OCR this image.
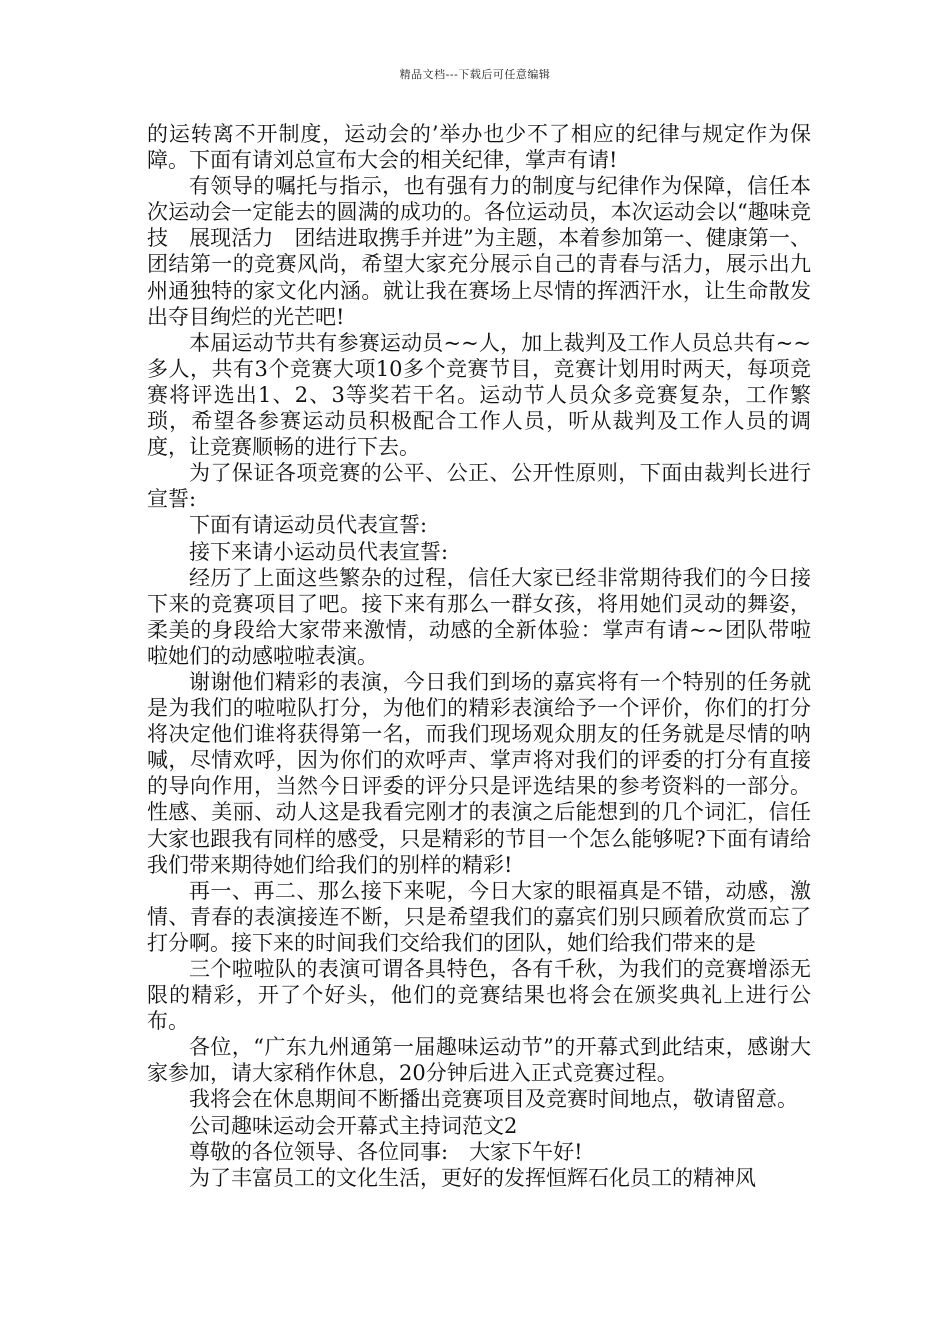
精品文档---下载后可任意编辑

的运转离不开制度，运动会的’举办也少不了相应的纪律与规定作为保障。下面有请刘总宣布大会的相关纪律，掌声有请!

有领导的嘱托与指示，也有强有力的制度与纪律作为保障，信任本次运动会一定能去的圆满的成功的。各位运动员，本次运动会以“趣味竞技　展现活力　团结进取携手并进”为主题，本着参加第一、健康第一、团结第一的竞赛风尚，希望大家充分展示自己的青春与活力，展示出九州通独特的家文化内涵。就让我在赛场上尽情的挥洒汗水，让生命散发出夺目绚烂的光芒吧!

本届运动节共有参赛运动员~~人，加上裁判及工作人员总共有~~多人，共有3个竞赛大项10多个竞赛节目，竞赛计划用时两天，每项竞赛将评选出1、2、3等奖若干名。运动节人员众多竞赛复杂，工作繁琐，希望各参赛运动员积极配合工作人员，听从裁判及工作人员的调度，让竞赛顺畅的进行下去。

为了保证各项竞赛的公平、公正、公开性原则，下面由裁判长进行宣誓:

下面有请运动员代表宣誓:

接下来请小运动员代表宣誓:

经历了上面这些繁杂的过程，信任大家已经非常期待我们的今日接下来的竞赛项目了吧。接下来有那么一群女孩，将用她们灵动的舞姿，柔美的身段给大家带来激情，动感的全新体验：掌声有请~~团队带啦啦她们的动感啦啦表演。

谢谢他们精彩的表演，今日我们到场的嘉宾将有一个特别的任务就是为我们的啦啦队打分，为他们的精彩表演给予一个评价，你们的打分将决定他们谁将获得第一名，而我们现场观众朋友的任务就是尽情的呐喊，尽情欢呼，因为你们的欢呼声、掌声将对我们的评委的打分有直接的导向作用，当然今日评委的评分只是评选结果的参考资料的一部分。性感、美丽、动人这是我看完刚才的表演之后能想到的几个词汇，信任大家也跟我有同样的感受，只是精彩的节目一个怎么能够呢?下面有请给我们带来期待她们给我们的别样的精彩!

再一、再二、那么接下来呢，今日大家的眼福真是不错，动感，激情、青春的表演接连不断，只是希望我们的嘉宾们别只顾着欣赏而忘了打分啊。接下来的时间我们交给我们的团队，她们给我们带来的是

三个啦啦队的表演可谓各具特色，各有千秋，为我们的竞赛增添无限的精彩，开了个好头，他们的竞赛结果也将会在颁奖典礼上进行公布。

各位，“广东九州通第一届趣味运动节”的开幕式到此结束，感谢大家参加，请大家稍作休息，20分钟后进入正式竞赛过程。

我将会在休息期间不断播出竞赛项目及竞赛时间地点，敬请留意。

公司趣味运动会开幕式主持词范文2

尊敬的各位领导、各位同事:　大家下午好!

为了丰富员工的文化生活，更好的发挥恒辉石化员工的精神风
